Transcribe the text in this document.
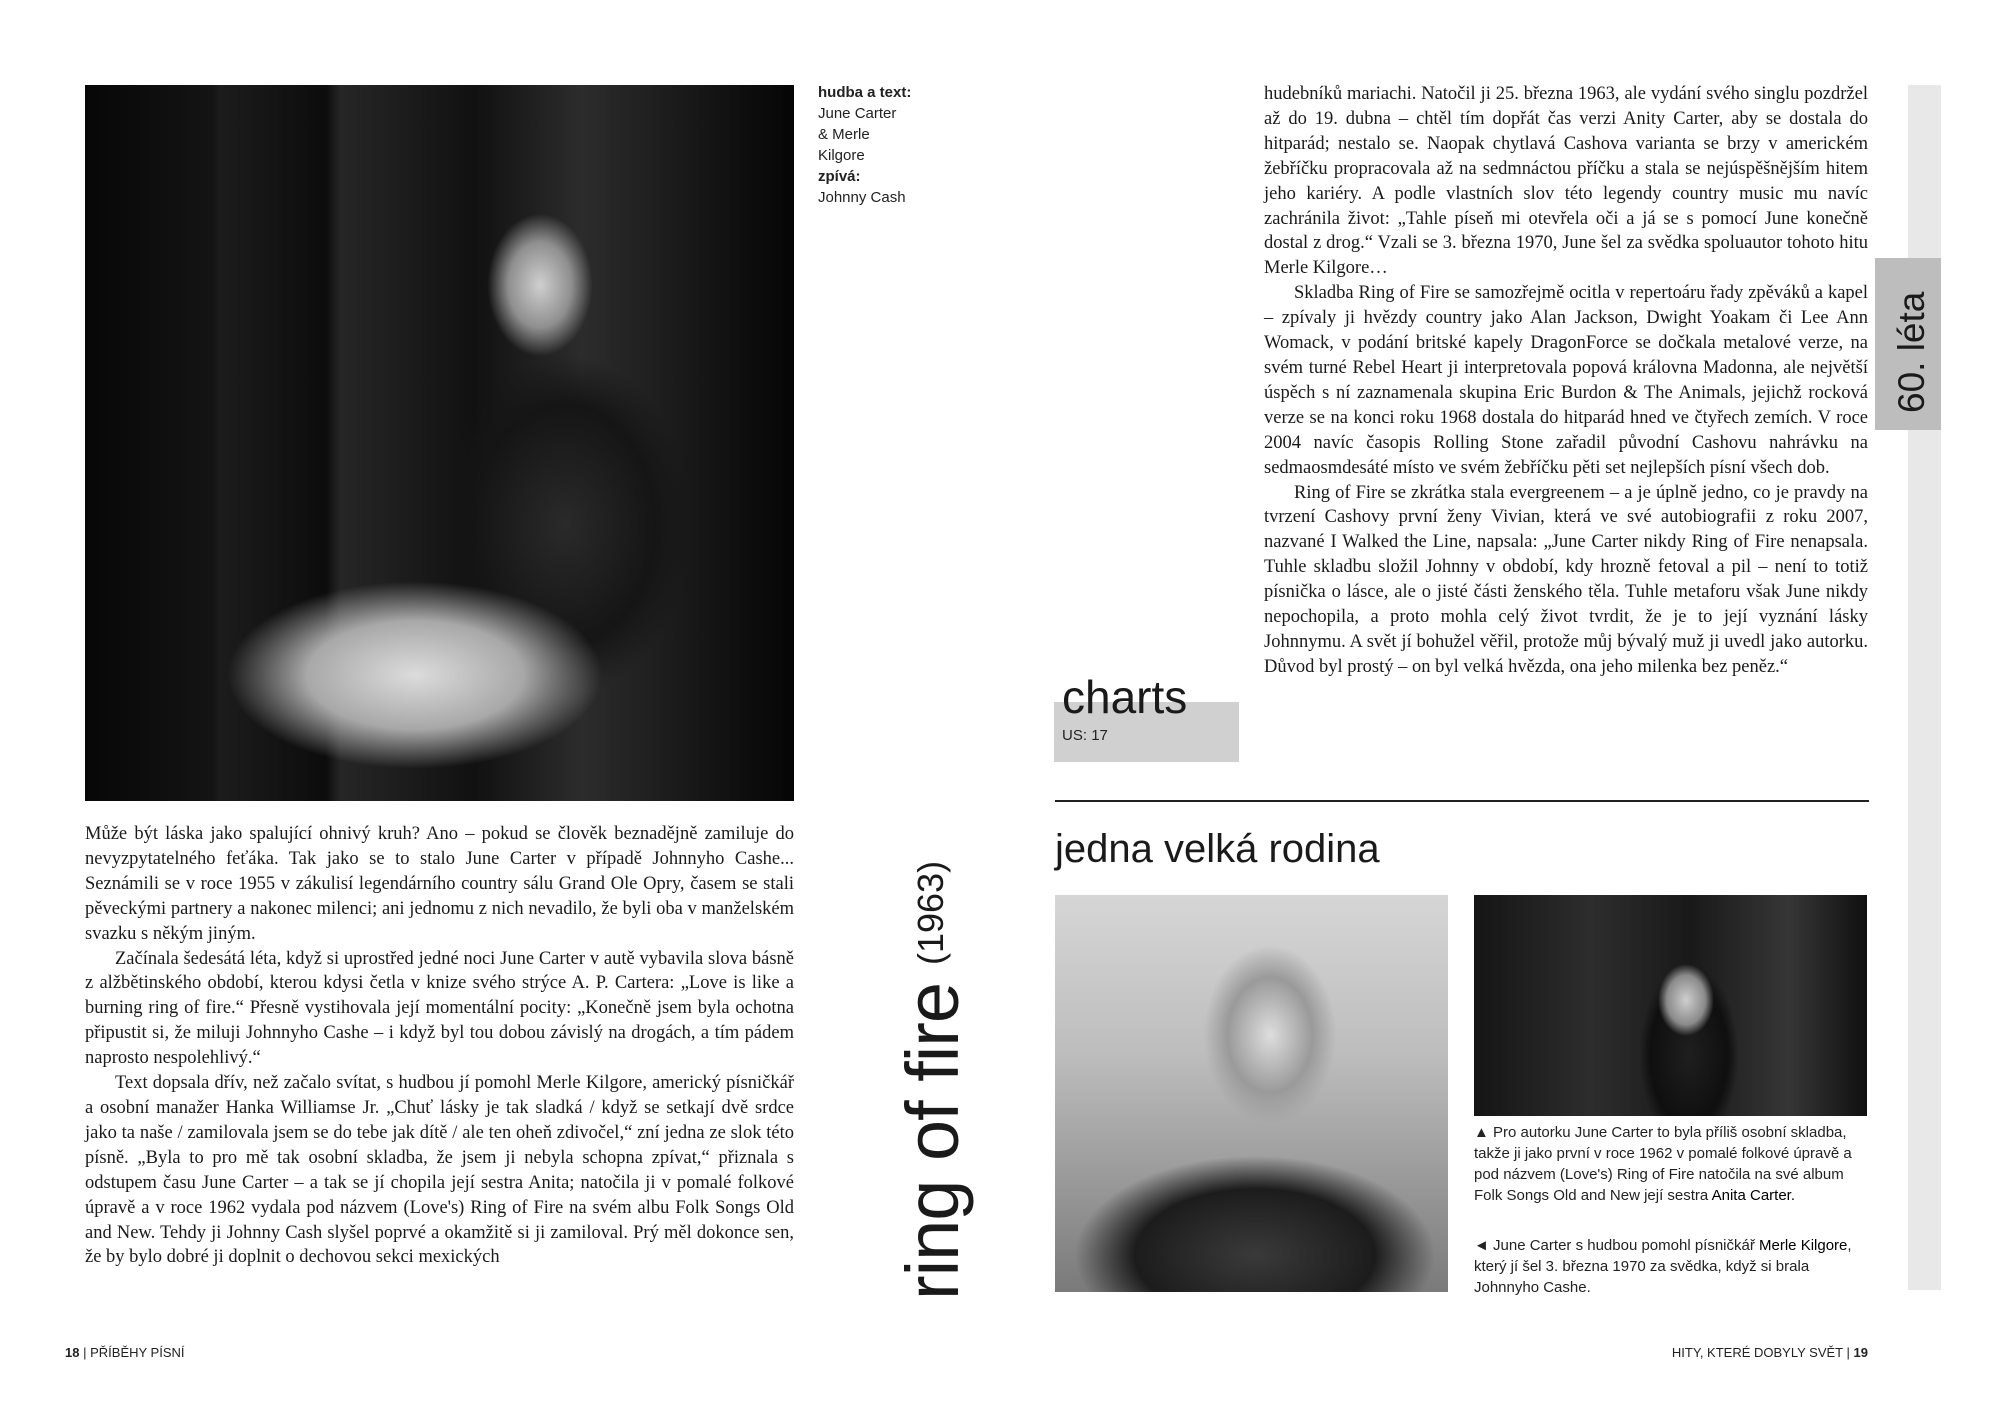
hudba a text:
June Carter
& Merle
Kilgore
zpívá:
Johnny Cash

Může být láska jako spalující ohnivý kruh? Ano – pokud se člověk beznadějně zamiluje do nevyzpytatelného feťáka. Tak jako se to stalo June Carter v případě Johnnyho Cashe... Seznámili se v roce 1955 v zákulisí legendárního country sálu Grand Ole Opry, časem se stali pěveckými partnery a nakonec milenci; ani jednomu z nich nevadilo, že byli oba v manželském svazku s někým jiným.

Začínala šedesátá léta, když si uprostřed jedné noci June Carter v autě vybavila slova básně z alžbětinského období, kterou kdysi četla v knize svého strýce A. P. Cartera: „Love is like a burning ring of fire.“ Přesně vystihovala její momentální pocity: „Konečně jsem byla ochotna připustit si, že miluji Johnnyho Cashe – i když byl tou dobou závislý na drogách, a tím pádem naprosto nespolehlivý.“

Text dopsala dřív, než začalo svítat, s hudbou jí pomohl Merle Kilgore, americký písničkář a osobní manažer Hanka Williamse Jr. „Chuť lásky je tak sladká / když se setkají dvě srdce jako ta naše / zamilovala jsem se do tebe jak dítě / ale ten oheň zdivočel,“ zní jedna ze slok této písně. „Byla to pro mě tak osobní skladba, že jsem ji nebyla schopna zpívat,“ přiznala s odstupem času June Carter – a tak se jí chopila její sestra Anita; natočila ji v pomalé folkové úpravě a v roce 1962 vydala pod názvem (Love's) Ring of Fire na svém albu Folk Songs Old and New. Tehdy ji Johnny Cash slyšel poprvé a okamžitě si ji zamiloval. Prý měl dokonce sen, že by bylo dobré ji doplnit o dechovou sekci mexických	ring of fire(1963)

hudebníků mariachi. Natočil ji 25. března 1963, ale vydání svého singlu pozdržel až do 19. dubna – chtěl tím dopřát čas verzi Anity Carter, aby se dostala do hitparád; nestalo se. Naopak chytlavá Cashova varianta se brzy v americkém žebříčku propracovala až na sedmnáctou příčku a stala se nejúspěšnějším hitem jeho kariéry. A podle vlastních slov této legendy country music mu navíc zachránila život: „Tahle píseň mi otevřela oči a já se s pomocí June konečně dostal z drog.“ Vzali se 3. března 1970, June šel za svědka spoluautor tohoto hitu Merle Kilgore…

Skladba Ring of Fire se samozřejmě ocitla v repertoáru řady zpěváků a kapel – zpívaly ji hvězdy country jako Alan Jackson, Dwight Yoakam či Lee Ann Womack, v podání britské kapely DragonForce se dočkala metalové verze, na svém turné Rebel Heart ji interpretovala popová královna Madonna, ale největší úspěch s ní zaznamenala skupina Eric Burdon & The Animals, jejichž rocková verze se na konci roku 1968 dostala do hitparád hned ve čtyřech zemích. V roce 2004 navíc časopis Rolling Stone zařadil původní Cashovu nahrávku na sedmaosmdesáté místo ve svém žebříčku pěti set nejlepších písní všech dob.

Ring of Fire se zkrátka stala evergreenem – a je úplně jedno, co je pravdy na tvrzení Cashovy první ženy Vivian, která ve své autobiografii z roku 2007, nazvané I Walked the Line, napsala: „June Carter nikdy Ring of Fire nenapsala. Tuhle skladbu složil Johnny v období, kdy hrozně fetoval a pil – není to totiž písnička o lásce, ale o jisté části ženského těla. Tuhle metaforu však June nikdy nepochopila, a proto mohla celý život tvrdit, že je to její vyznání lásky Johnnymu. A svět jí bohužel věřil, protože můj bývalý muž ji uvedl jako autorku. Důvod byl prostý – on byl velká hvězda, ona jeho milenka bez peněz.“

charts
US: 17
60. léta
jedna velká rodina
▲ Pro autorku June Carter to byla příliš osobní skladba, takže ji jako první v roce 1962 v pomalé folkové úpravě a pod názvem (Love's) Ring of Fire natočila na své album Folk Songs Old and New její sestra Anita Carter.
◄ June Carter s hudbou pomohl písničkář Merle Kilgore, který jí šel 3. března 1970 za svědka, když si brala Johnnyho Cashe.
18 | PŘÍBĚHY PÍSNÍ	HITY, KTERÉ DOBYLY SVĚT | 19
